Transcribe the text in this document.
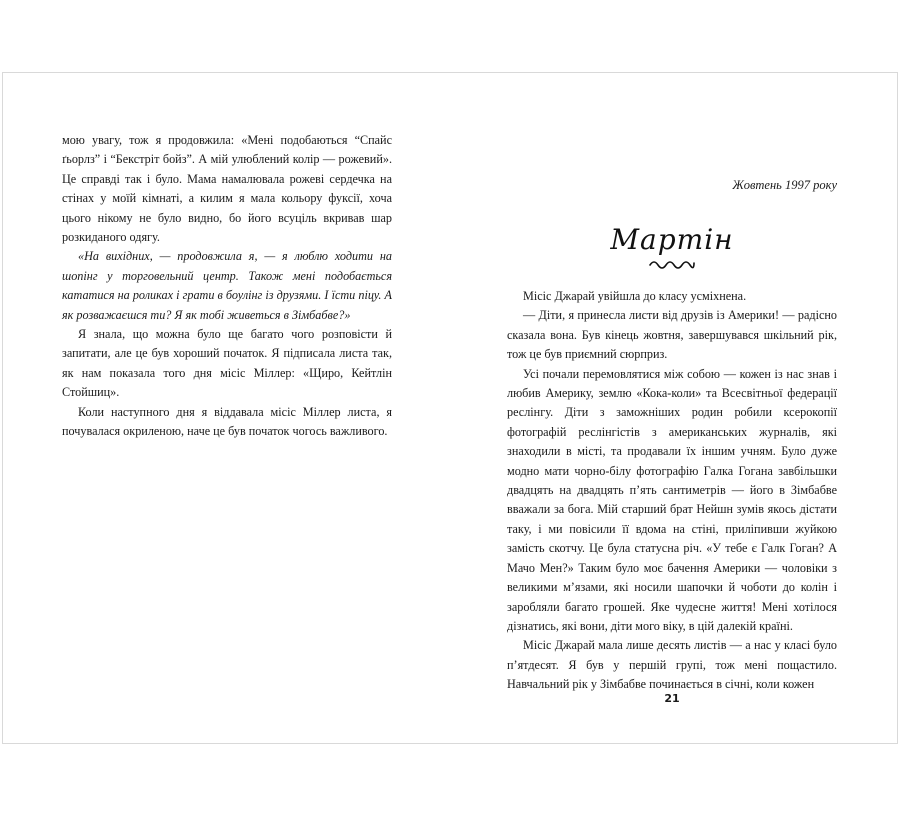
мою увагу, тож я продовжила: «Мені подобаються “Спайс ґьорлз” і “Бекстріт бойз”. А мій улюблений колір — рожевий». Це справді так і було. Мама намалювала рожеві сердечка на стінах у моїй кімнаті, а килим я мала кольору фуксії, хоча цього нікому не було видно, бо його всуціль вкривав шар розкиданого одягу.

«На вихідних, — продовжила я, — я люблю ходити на шопінг у торговельний центр. Також мені подобається кататися на роликах і грати в боулінг із друзями. І їсти піцу. А як розважаєшся ти? Я як тобі живеться в Зімбабве?»

Я знала, що можна було ще багато чого розповісти й запитати, але це був хороший початок. Я підписала листа так, як нам показала того дня місіс Міллер: «Щиро, Кейтлін Стойшиц».

Коли наступного дня я віддавала місіс Міллер листа, я почувалася окриленою, наче це був початок чогось важливого.

Жовтень 1997 року
Мартін

Місіс Джарай увійшла до класу усміхнена.

— Діти, я принесла листи від друзів із Америки! — радісно сказала вона. Був кінець жовтня, завершувався шкільний рік, тож це був приємний сюрприз.

Усі почали перемовлятися між собою — кожен із нас знав і любив Америку, землю «Кока-коли» та Всесвітньої федерації реслінгу. Діти з заможніших родин робили ксерокопії фотографій реслінгістів з американських журналів, які знаходили в місті, та продавали їх іншим учням. Було дуже модно мати чорно-білу фотографію Галка Гогана завбільшки двадцять на двадцять п’ять сантиметрів — його в Зімбабве вважали за бога. Мій старший брат Нейшн зумів якось дістати таку, і ми повісили її вдома на стіні, приліпивши жуйкою замість скотчу. Це була статусна річ. «У тебе є Галк Гоган? А Мачо Мен?» Таким було моє бачення Америки — чоловіки з великими м’язами, які носили шапочки й чоботи до колін і заробляли багато грошей. Яке чудесне життя! Мені хотілося дізнатись, які вони, діти мого віку, в цій далекій країні.

Місіс Джарай мала лише десять листів — а нас у класі було п’ятдесят. Я був у першій групі, тож мені пощастило. Навчальний рік у Зімбабве починається в січні, коли кожен

21
